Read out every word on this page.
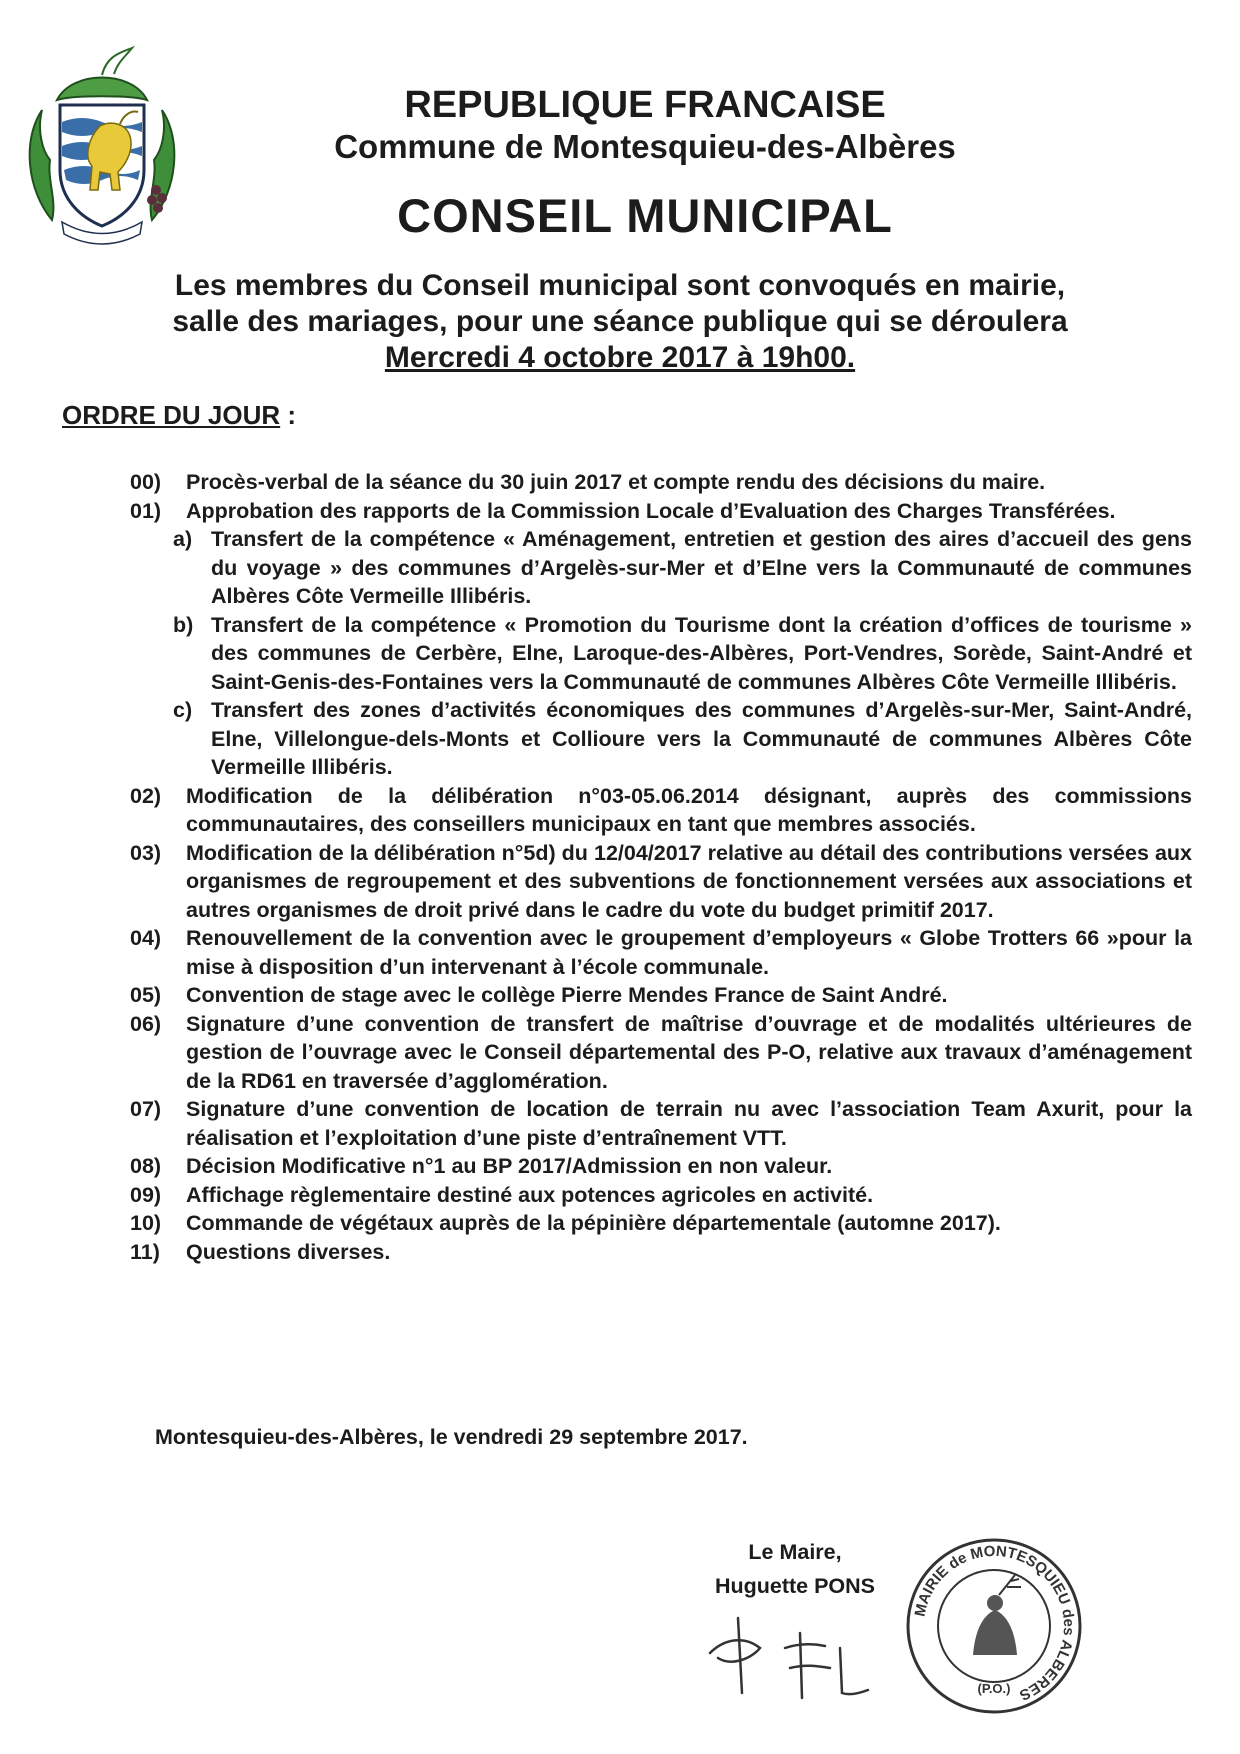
REPUBLIQUE FRANCAISE
Commune de Montesquieu-des-Albères
CONSEIL MUNICIPAL
Les membres du Conseil municipal sont convoqués en mairie,
salle des mariages, pour une séance publique qui se déroulera
Mercredi 4 octobre 2017 à 19h00.
ORDRE DU JOUR :
00)	Procès-verbal de la séance du 30 juin 2017 et compte rendu des décisions du maire.
01)	Approbation des rapports de la Commission Locale d’Evaluation des Charges Transférées.
a) Transfert de la compétence « Aménagement, entretien et gestion des aires d’accueil des gens du voyage » des communes d’Argelès-sur-Mer et d’Elne vers la Communauté de communes Albères Côte Vermeille Illibéris.
b) Transfert de la compétence « Promotion du Tourisme dont la création d’offices de tourisme » des communes de Cerbère, Elne, Laroque-des-Albères, Port-Vendres, Sorède, Saint-André et Saint-Genis-des-Fontaines vers la Communauté de communes Albères Côte Vermeille Illibéris.
c) Transfert des zones d’activités économiques des communes d’Argelès-sur-Mer, Saint-André, Elne, Villelongue-dels-Monts et Collioure vers la Communauté de communes Albères Côte Vermeille Illibéris.
02)	Modification de la délibération n°03-05.06.2014 désignant, auprès des commissions communautaires, des conseillers municipaux en tant que membres associés.
03)	Modification de la délibération n°5d) du 12/04/2017 relative au détail des contributions versées aux organismes de regroupement et des subventions de fonctionnement versées aux associations et autres organismes de droit privé dans le cadre du vote du budget primitif 2017.
04)	Renouvellement de la convention avec le groupement d’employeurs « Globe Trotters 66 »pour la mise à disposition d’un intervenant à l’école communale.
05)	Convention de stage avec le collège Pierre Mendes France de Saint André.
06)	Signature d’une convention de transfert de maîtrise d’ouvrage et de modalités ultérieures de gestion de l’ouvrage avec le Conseil départemental des P-O, relative aux travaux d’aménagement de la RD61 en traversée d’agglomération.
07)	Signature d’une convention de location de terrain nu avec l’association Team Axurit, pour la réalisation et l’exploitation d’une piste d’entraînement VTT.
08)	Décision Modificative n°1 au BP 2017/Admission en non valeur.
09)	Affichage règlementaire destiné aux potences agricoles en activité.
10)	Commande de végétaux auprès de la pépinière départementale (automne 2017).
11)	Questions diverses.
Montesquieu-des-Albères, le vendredi 29 septembre 2017.
Le Maire,
Huguette PONS
MAIRIE de MONTESQUIEU des ALBERES
(P.O.)
